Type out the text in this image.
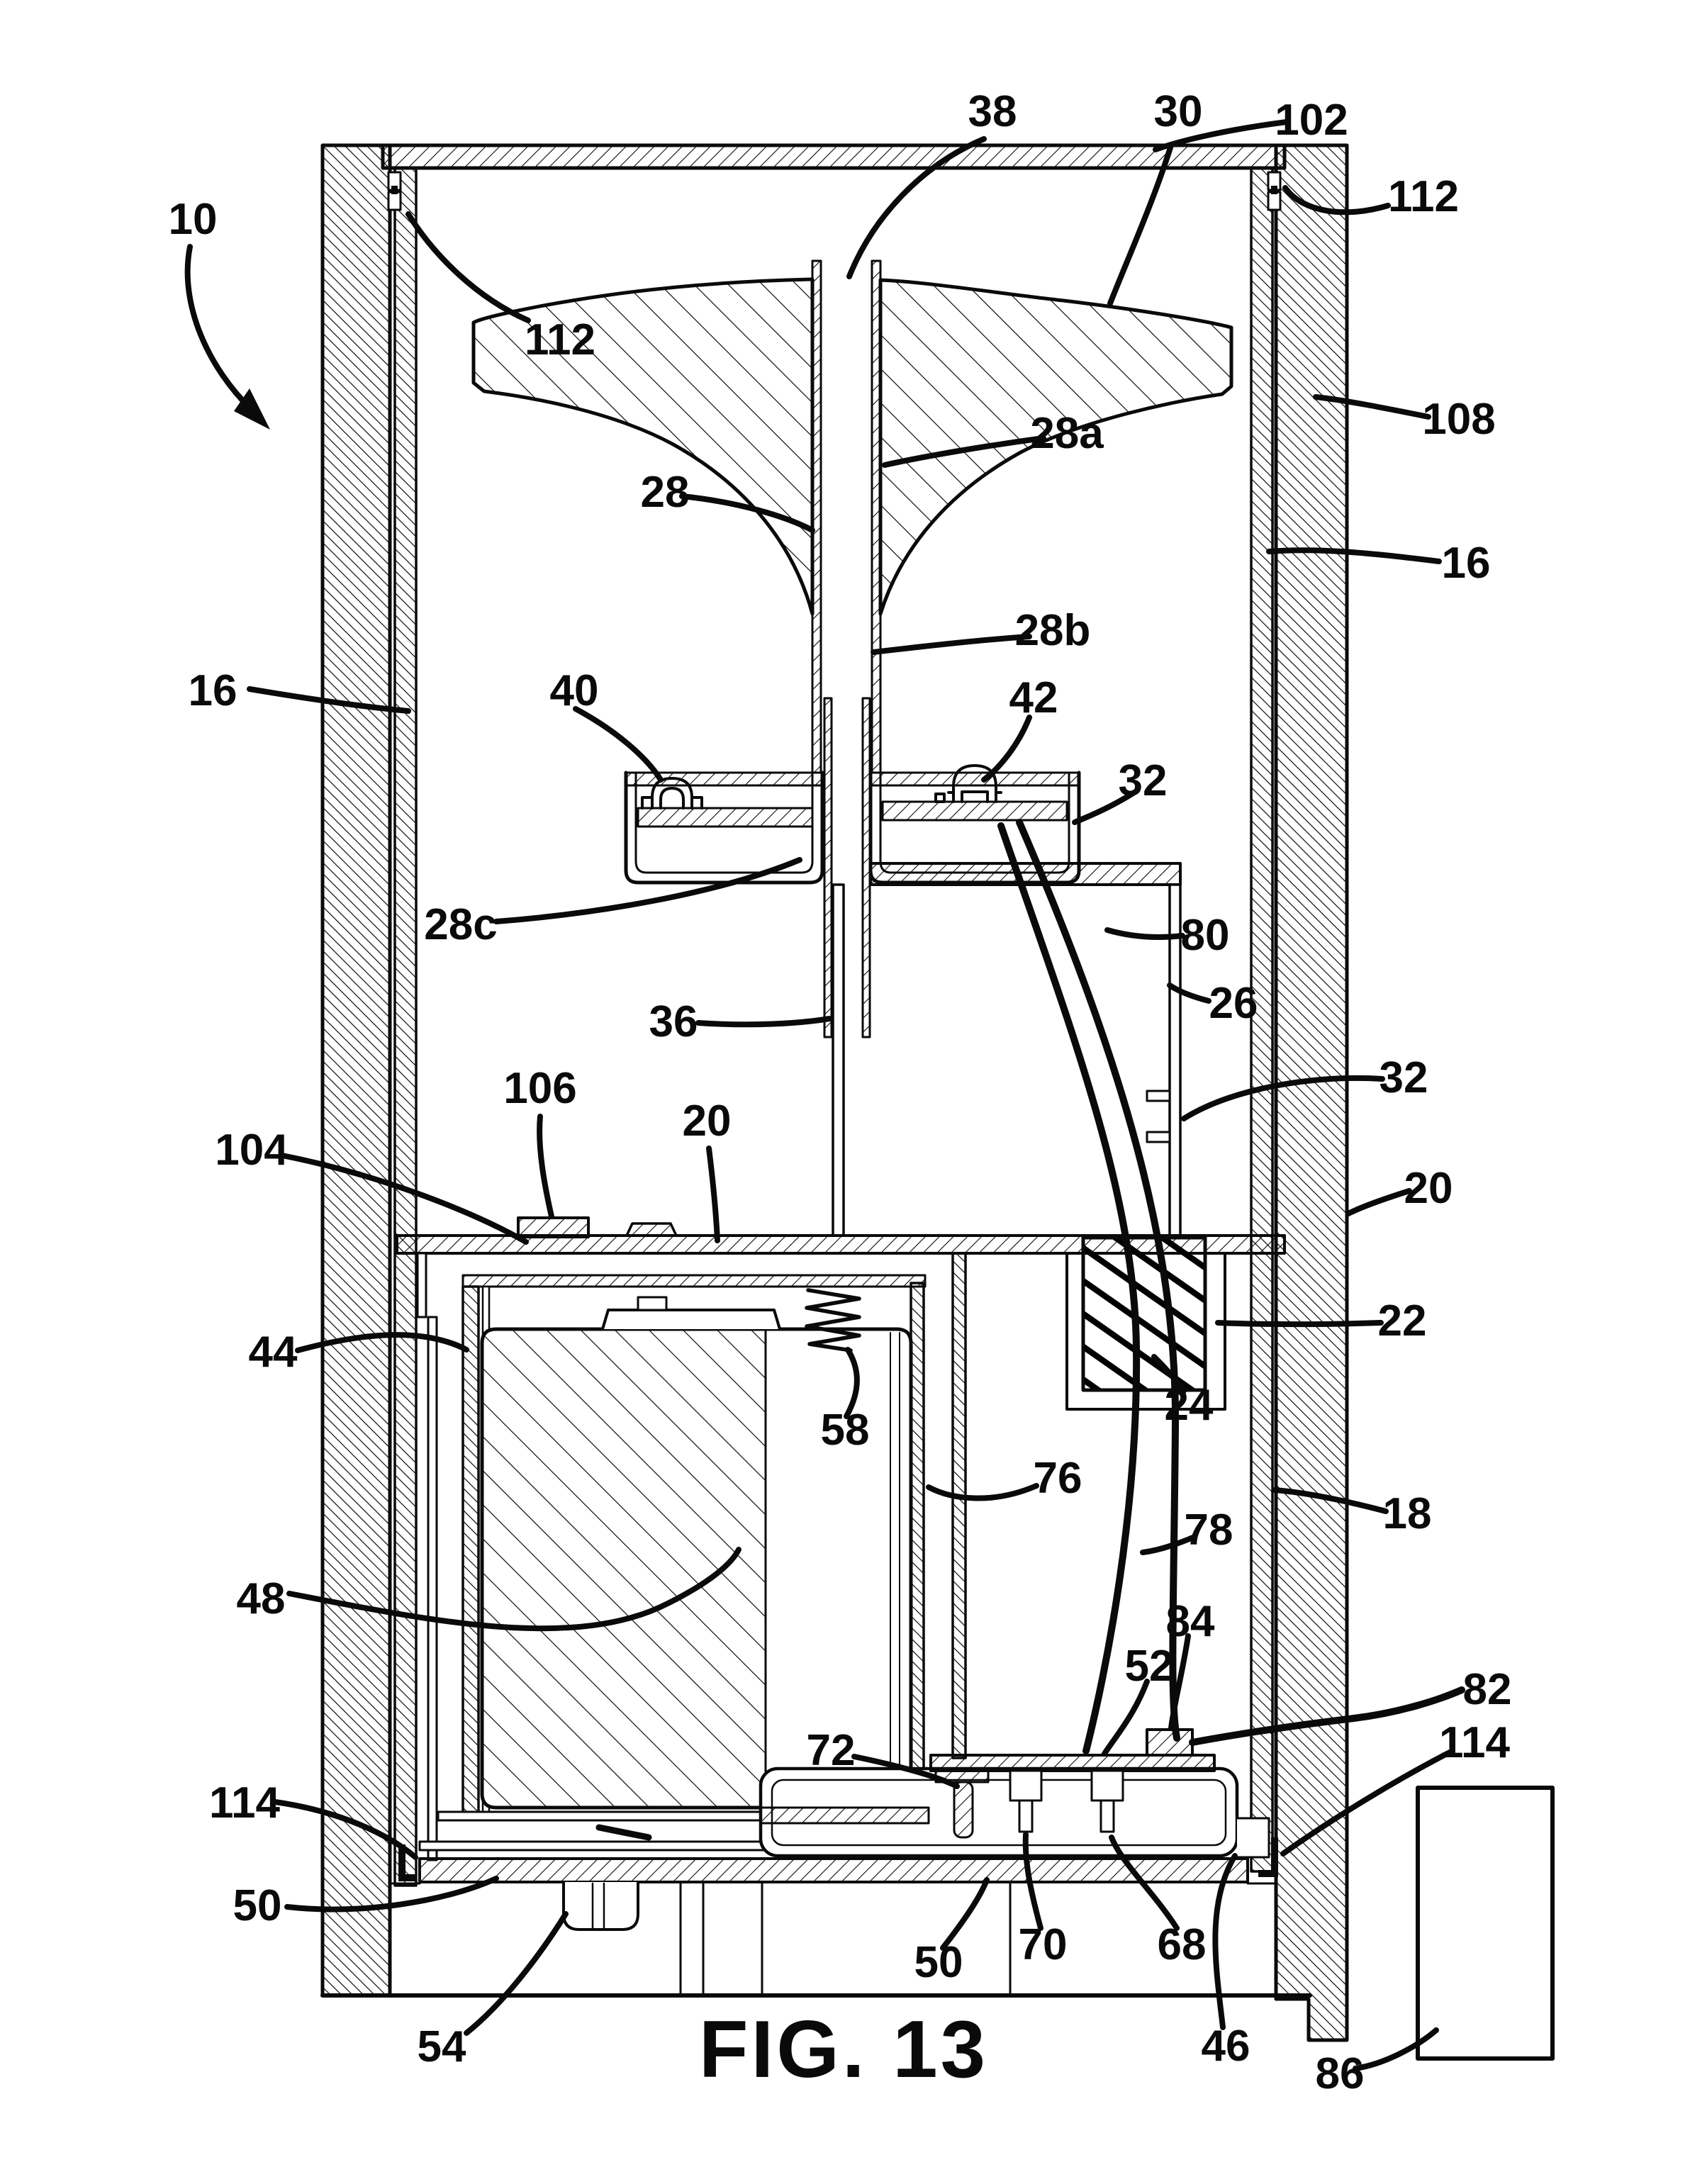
10
112
102
112
38	30
108
16
16
28a
28
28b
40	42
32
28c	80
36	26
32
106
20
104
20
44
22
58
24
76
78	18
48	84
52	82
114
72
114
50
50 70 68
46
86
54	FIG. 13
